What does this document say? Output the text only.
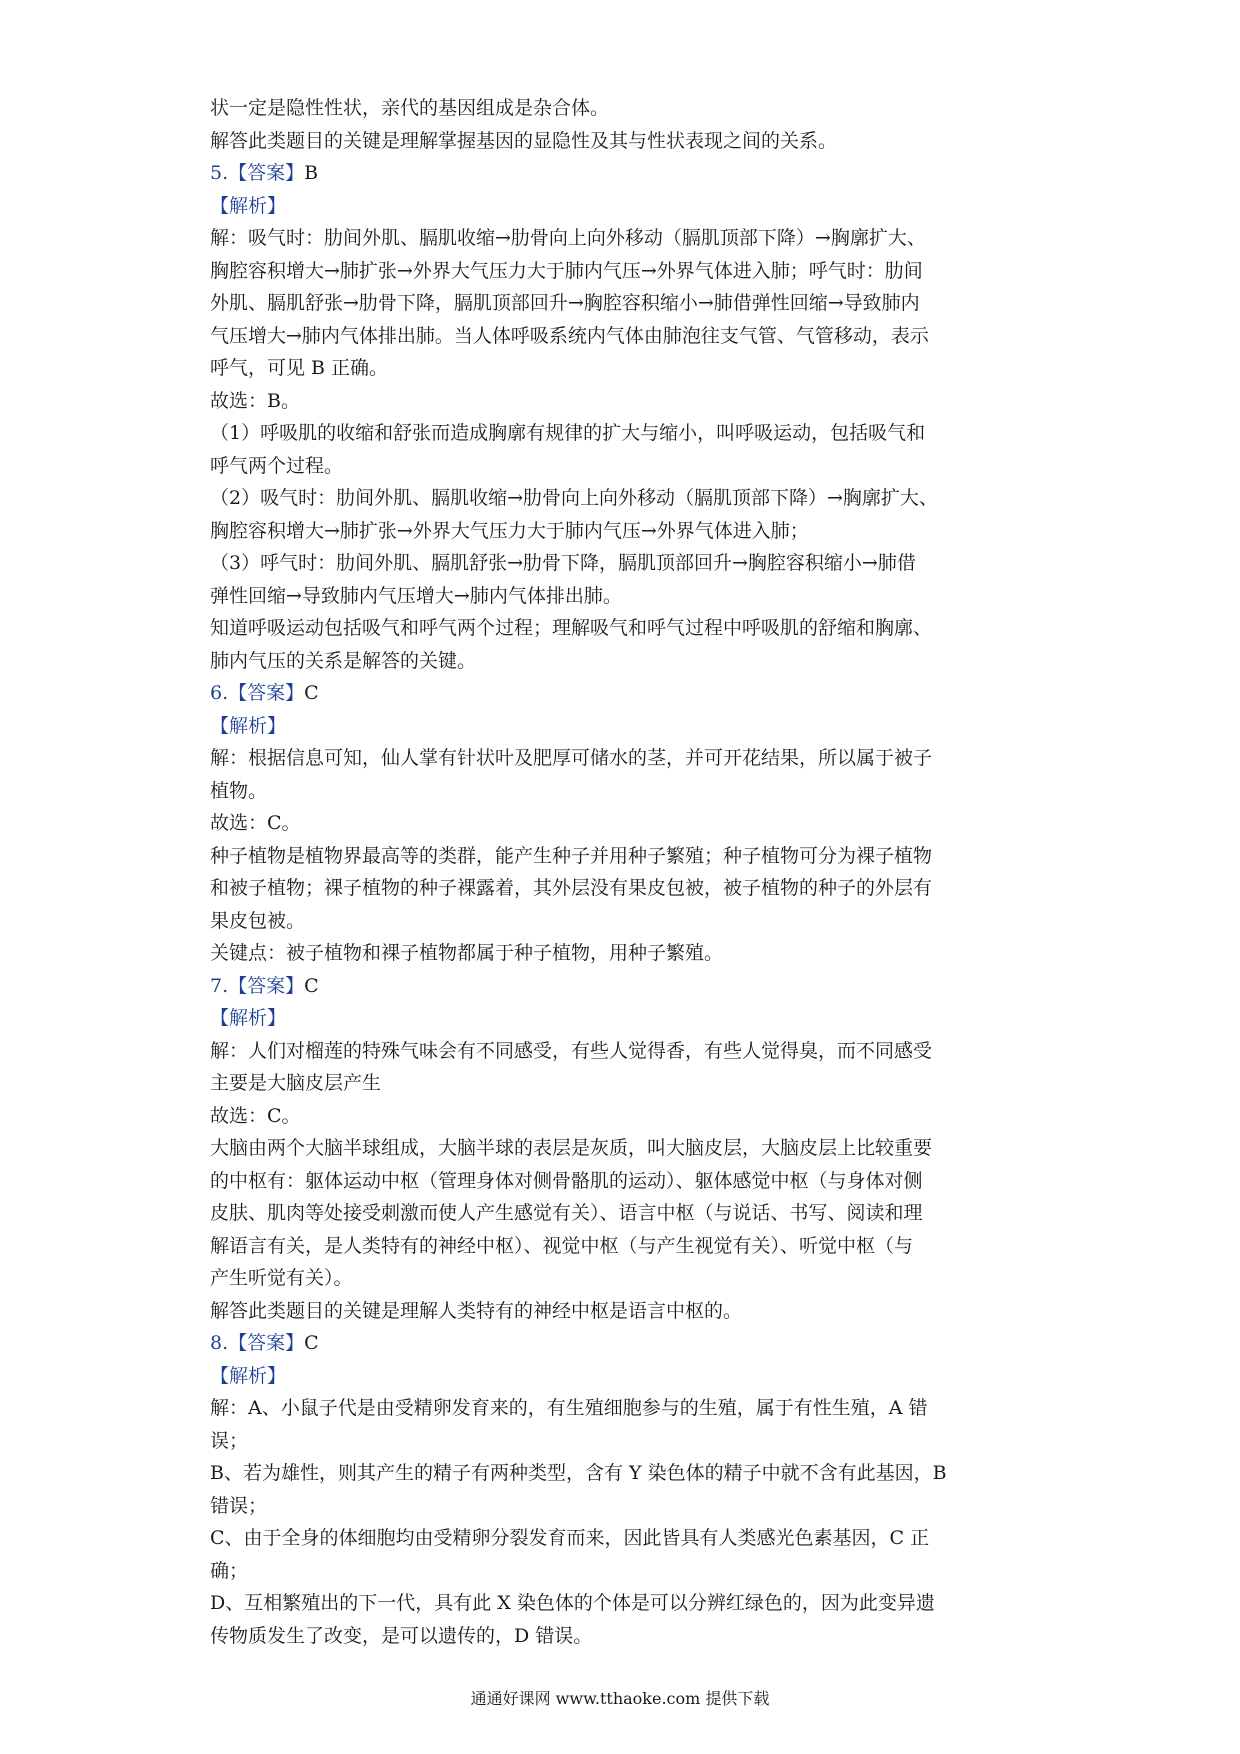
状一定是隐性性状，亲代的基因组成是杂合体。
解答此类题目的关键是理解掌握基因的显隐性及其与性状表现之间的关系。
5.【答案】B
【解析】
解：吸气时：肋间外肌、膈肌收缩→肋骨向上向外移动（膈肌顶部下降）→胸廓扩大、
胸腔容积增大→肺扩张→外界大气压力大于肺内气压→外界气体进入肺；呼气时：肋间
外肌、膈肌舒张→肋骨下降，膈肌顶部回升→胸腔容积缩小→肺借弹性回缩→导致肺内
气压增大→肺内气体排出肺。当人体呼吸系统内气体由肺泡往支气管、气管移动，表示
呼气，可见 B 正确。
故选：B。
（1）呼吸肌的收缩和舒张而造成胸廓有规律的扩大与缩小，叫呼吸运动，包括吸气和
呼气两个过程。
（2）吸气时：肋间外肌、膈肌收缩→肋骨向上向外移动（膈肌顶部下降）→胸廓扩大、
胸腔容积增大→肺扩张→外界大气压力大于肺内气压→外界气体进入肺；
（3）呼气时：肋间外肌、膈肌舒张→肋骨下降，膈肌顶部回升→胸腔容积缩小→肺借
弹性回缩→导致肺内气压增大→肺内气体排出肺。
知道呼吸运动包括吸气和呼气两个过程；理解吸气和呼气过程中呼吸肌的舒缩和胸廓、
肺内气压的关系是解答的关键。
6.【答案】C
【解析】
解：根据信息可知，仙人掌有针状叶及肥厚可储水的茎，并可开花结果，所以属于被子
植物。
故选：C。
种子植物是植物界最高等的类群，能产生种子并用种子繁殖；种子植物可分为裸子植物
和被子植物；裸子植物的种子裸露着，其外层没有果皮包被，被子植物的种子的外层有
果皮包被。
关键点：被子植物和裸子植物都属于种子植物，用种子繁殖。
7.【答案】C
【解析】
解：人们对榴莲的特殊气味会有不同感受，有些人觉得香，有些人觉得臭，而不同感受
主要是大脑皮层产生
故选：C。
大脑由两个大脑半球组成，大脑半球的表层是灰质，叫大脑皮层，大脑皮层上比较重要
的中枢有：躯体运动中枢（管理身体对侧骨骼肌的运动）、躯体感觉中枢（与身体对侧
皮肤、肌肉等处接受刺激而使人产生感觉有关）、语言中枢（与说话、书写、阅读和理
解语言有关，是人类特有的神经中枢）、视觉中枢（与产生视觉有关）、听觉中枢（与
产生听觉有关）。
解答此类题目的关键是理解人类特有的神经中枢是语言中枢的。
8.【答案】C
【解析】
解：A、小鼠子代是由受精卵发育来的，有生殖细胞参与的生殖，属于有性生殖，A 错
误；
B、若为雄性，则其产生的精子有两种类型，含有 Y 染色体的精子中就不含有此基因，B
错误；
C、由于全身的体细胞均由受精卵分裂发育而来，因此皆具有人类感光色素基因，C 正
确；
D、互相繁殖出的下一代，具有此 X 染色体的个体是可以分辨红绿色的，因为此变异遗
传物质发生了改变，是可以遗传的，D 错误。
通通好课网 www.tthaoke.com 提供下载
